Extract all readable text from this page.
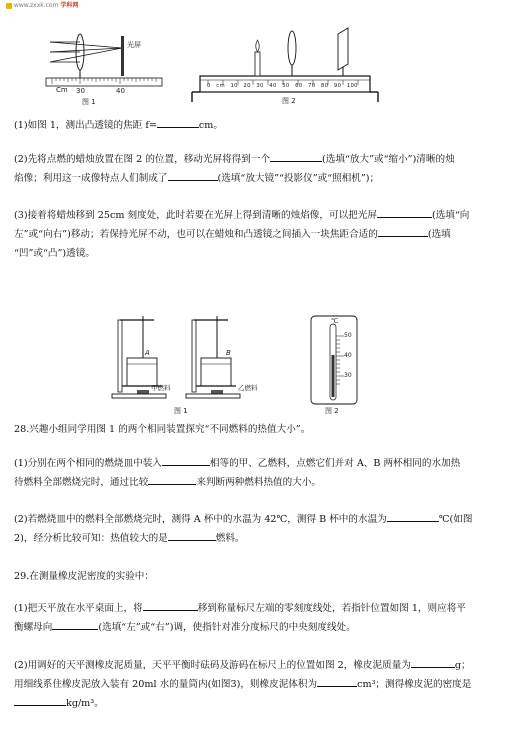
www.zxxk.com 学科网
光屏
Cm 30	40
图 1
0 cm 10 20 30 40 50 60 70 80 90 100
图 2
(1)如图 1，测出凸透镜的焦距 f=	cm。
(2)先将点燃的蜡烛放置在图 2 的位置，移动光屏将得到一个	(选填“放大”或“缩小”)清晰的烛
焰像；利用这一成像特点人们制成了	(选填“放大镜”“投影仪”或“照相机”)；
(3)接着将蜡烛移到 25cm 刻度处，此时若要在光屏上得到清晰的烛焰像，可以把光屏	(选填“向
左”或“向右”)移动；若保持光屏不动，也可以在蜡烛和凸透镜之间插入一块焦距合适的	(选填
“凹”或“凸”)透镜。
A	B
甲燃料	乙燃料
℃
50
40
30
图 1	图 2
28.兴趣小组同学用图 1 的两个相同装置探究“不同燃料的热值大小”。
(1)分别在两个相同的燃烧皿中装入	相等的甲、乙燃料，点燃它们并对 A、B 两杯相同的水加热
待燃料全部燃烧完时，通过比较	来判断两种燃料热值的大小。
(2)若燃烧皿中的燃料全部燃烧完时，测得 A 杯中的水温为 42℃，测得 B 杯中的水温为	℃(如图
2)，经分析比较可知：热值较大的是	燃料。
29.在测量橡皮泥密度的实验中：
(1)把天平放在水平桌面上，将	移到称量标尺左端的零刻度线处，若指针位置如图 1，则应将平
衡螺母向	(选填“左”或“右”)调，使指针对准分度标尺的中央刻度线处。
(2)用调好的天平测橡皮泥质量，天平平衡时砝码及游码在标尺上的位置如图 2，橡皮泥质量为	g；
用细线系住橡皮泥放入装有 20ml 水的量筒内(如图3)，则橡皮泥体积为	cm³；测得橡皮泥的密度是
kg/m³。
